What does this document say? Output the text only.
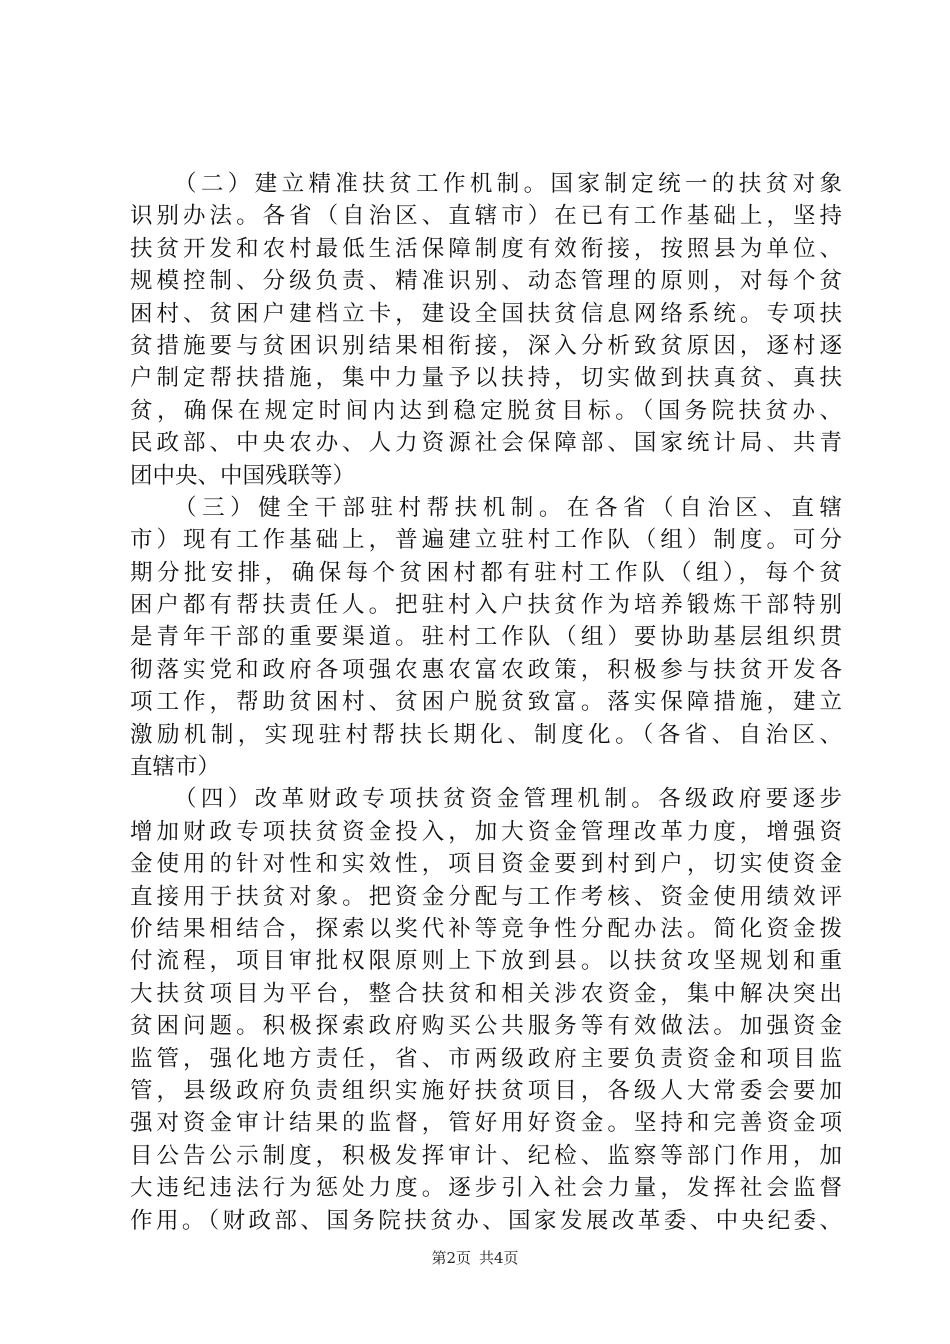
（二）建立精准扶贫工作机制。国家制定统一的扶贫对象
识别办法。各省（自治区、直辖市）在已有工作基础上，坚持
扶贫开发和农村最低生活保障制度有效衔接，按照县为单位、
规模控制、分级负责、精准识别、动态管理的原则，对每个贫
困村、贫困户建档立卡，建设全国扶贫信息网络系统。专项扶
贫措施要与贫困识别结果相衔接，深入分析致贫原因，逐村逐
户制定帮扶措施，集中力量予以扶持，切实做到扶真贫、真扶
贫，确保在规定时间内达到稳定脱贫目标。（国务院扶贫办、
民政部、中央农办、人力资源社会保障部、国家统计局、共青
团中央、中国残联等）
（三）健全干部驻村帮扶机制。在各省（自治区、直辖
市）现有工作基础上，普遍建立驻村工作队（组）制度。可分
期分批安排，确保每个贫困村都有驻村工作队（组），每个贫
困户都有帮扶责任人。把驻村入户扶贫作为培养锻炼干部特别
是青年干部的重要渠道。驻村工作队（组）要协助基层组织贯
彻落实党和政府各项强农惠农富农政策，积极参与扶贫开发各
项工作，帮助贫困村、贫困户脱贫致富。落实保障措施，建立
激励机制，实现驻村帮扶长期化、制度化。（各省、自治区、
直辖市）
（四）改革财政专项扶贫资金管理机制。各级政府要逐步
增加财政专项扶贫资金投入，加大资金管理改革力度，增强资
金使用的针对性和实效性，项目资金要到村到户，切实使资金
直接用于扶贫对象。把资金分配与工作考核、资金使用绩效评
价结果相结合，探索以奖代补等竞争性分配办法。简化资金拨
付流程，项目审批权限原则上下放到县。以扶贫攻坚规划和重
大扶贫项目为平台，整合扶贫和相关涉农资金，集中解决突出
贫困问题。积极探索政府购买公共服务等有效做法。加强资金
监管，强化地方责任，省、市两级政府主要负责资金和项目监
管，县级政府负责组织实施好扶贫项目，各级人大常委会要加
强对资金审计结果的监督，管好用好资金。坚持和完善资金项
目公告公示制度，积极发挥审计、纪检、监察等部门作用，加
大违纪违法行为惩处力度。逐步引入社会力量，发挥社会监督
作用。（财政部、国务院扶贫办、国家发展改革委、中央纪委、
第2页 共4页
